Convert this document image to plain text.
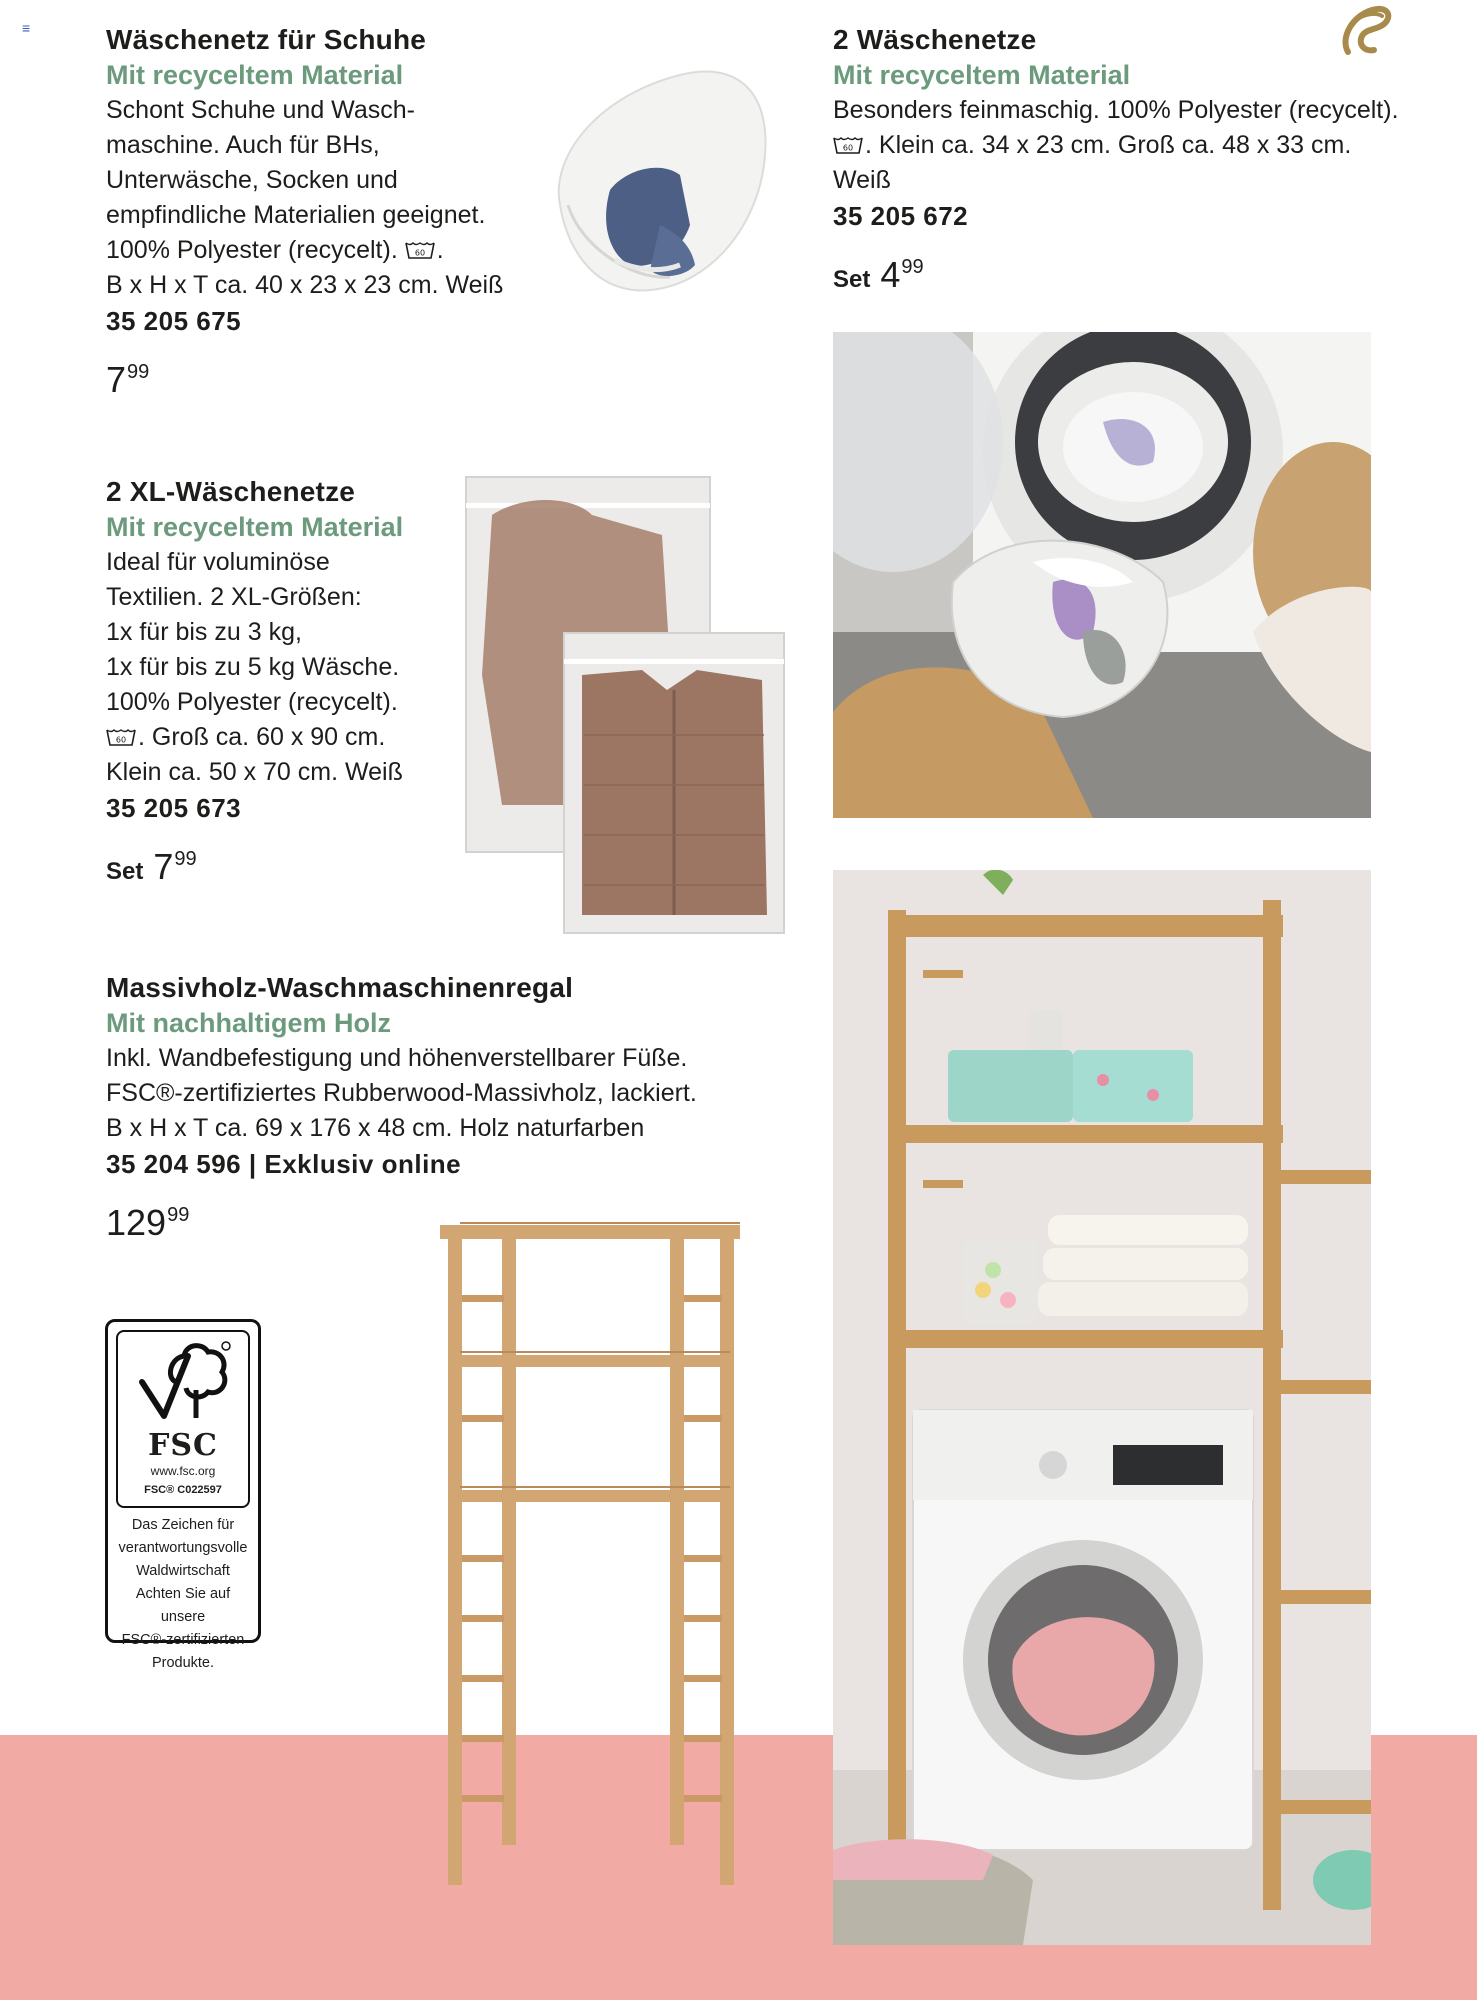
≡	Wäschenetz für Schuhe
Mit recyceltem Material
Schont Schuhe und Wasch-
maschine. Auch für BHs,
Unterwäsche, Socken und
empfindliche Materialien geeignet.
100% Polyester (recycelt). 60 .
B x H x T ca. 40 x 23 x 23 cm. Weiß
35 205 675
799
2 Wäschenetze
Mit recyceltem Material
Besonders feinmaschig. 100% Polyester (recycelt).
60 . Klein ca. 34 x 23 cm. Groß ca. 48 x 33 cm.
Weiß
35 205 672
Set 499
2 XL-Wäschenetze
Mit recyceltem Material
Ideal für voluminöse
Textilien. 2 XL-Größen:
1x für bis zu 3 kg,
1x für bis zu 5 kg Wäsche.
100% Polyester (recycelt).
60 . Groß ca. 60 x 90 cm.
Klein ca. 50 x 70 cm. Weiß
35 205 673
Set 799
Massivholz-Waschmaschinenregal
Mit nachhaltigem Holz
Inkl. Wandbefestigung und höhenverstellbarer Füße.
FSC®-zertifiziertes Rubberwood-Massivholz, lackiert.
B x H x T ca. 69 x 176 x 48 cm. Holz naturfarben
35 204 596 | Exklusiv online
12999
FSC
www.fsc.org
FSC® C022597
Das Zeichen für
verantwortungsvolle
Waldwirtschaft
Achten Sie auf unsere
FSC®-zertifizierten
Produkte.
